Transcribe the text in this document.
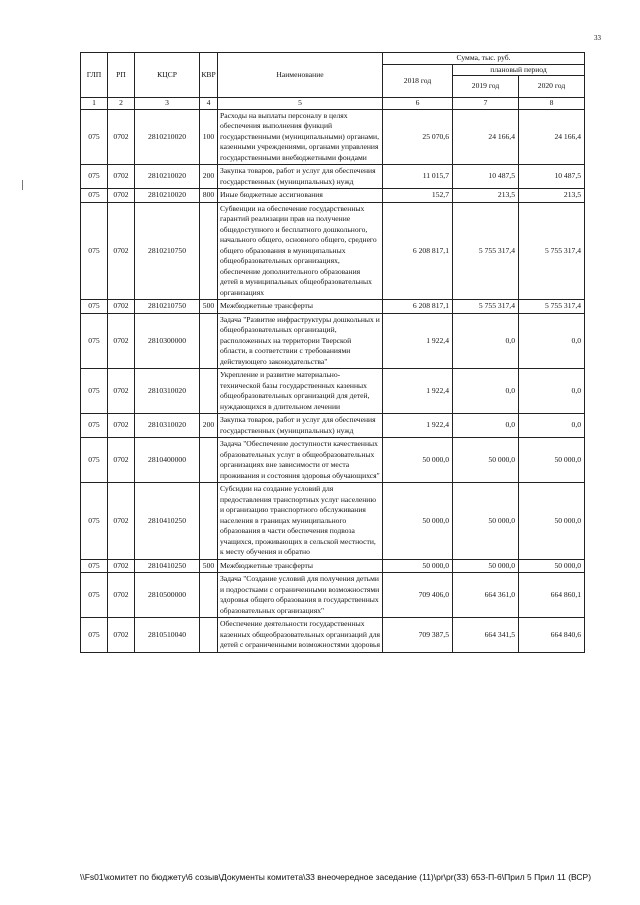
33
ГЛП	РП	КЦСР	КВР	Наименование	Сумма, тыс. руб.		
					2018 год	плановый период	
						2019 год	2020 год
1	2	3	4	5	6	7	8
075	0702	2810210020	100	Расходы на выплаты персоналу в целях обеспечения выполнения функций государственными (муниципальными) органами, казенными учреждениями, органами управления государственными внебюджетными фондами	25 070,6	24 166,4	24 166,4
075	0702	2810210020	200	Закупка товаров, работ и услуг для обеспечения государственных (муниципальных) нужд	11 015,7	10 487,5	10 487,5
075	0702	2810210020	800	Иные бюджетные ассигнования	152,7	213,5	213,5
075	0702	2810210750		Субвенции на обеспечение государственных гарантий реализации прав на получение общедоступного и бесплатного дошкольного, начального общего, основного общего, среднего общего образования в муниципальных общеобразовательных организациях, обеспечение дополнительного образования детей в муниципальных общеобразовательных организациях	6 208 817,1	5 755 317,4	5 755 317,4
075	0702	2810210750	500	Межбюджетные трансферты	6 208 817,1	5 755 317,4	5 755 317,4
075	0702	2810300000		Задача "Развитие инфраструктуры дошкольных и общеобразовательных организаций, расположенных на территории Тверской области, в соответствии с требованиями действующего законодательства"	1 922,4	0,0	0,0
075	0702	2810310020		Укрепление и развитие материально-технической базы государственных казенных общеобразовательных организаций для детей, нуждающихся в длительном лечении	1 922,4	0,0	0,0
075	0702	2810310020	200	Закупка товаров, работ и услуг для обеспечения государственных (муниципальных) нужд	1 922,4	0,0	0,0
075	0702	2810400000		Задача "Обеспечение доступности качественных образовательных услуг в общеобразовательных организациях вне зависимости от места проживания и состояния здоровья обучающихся"	50 000,0	50 000,0	50 000,0
075	0702	2810410250		Субсидии на создание условий для предоставления транспортных услуг населению и организацию транспортного обслуживания населения в границах муниципального образования в части обеспечения подвоза учащихся, проживающих в сельской местности, к месту обучения и обратно	50 000,0	50 000,0	50 000,0
075	0702	2810410250	500	Межбюджетные трансферты	50 000,0	50 000,0	50 000,0
075	0702	2810500000		Задача "Создание условий для получения детьми и подростками с ограниченными возможностями здоровья общего образования в государственных образовательных организациях"	709 406,0	664 361,0	664 860,1
075	0702	2810510040		Обеспечение деятельности государственных казенных общеобразовательных организаций для детей с ограниченными возможностями здоровья	709 387,5	664 341,5	664 840,6
\\Fs01\комитет по бюджету\6 созыв\Документы комитета\33 внеочередное заседание (11)\pr\pr(33) 653-П-6\Прил 5 Прил 11 (ВСР)
